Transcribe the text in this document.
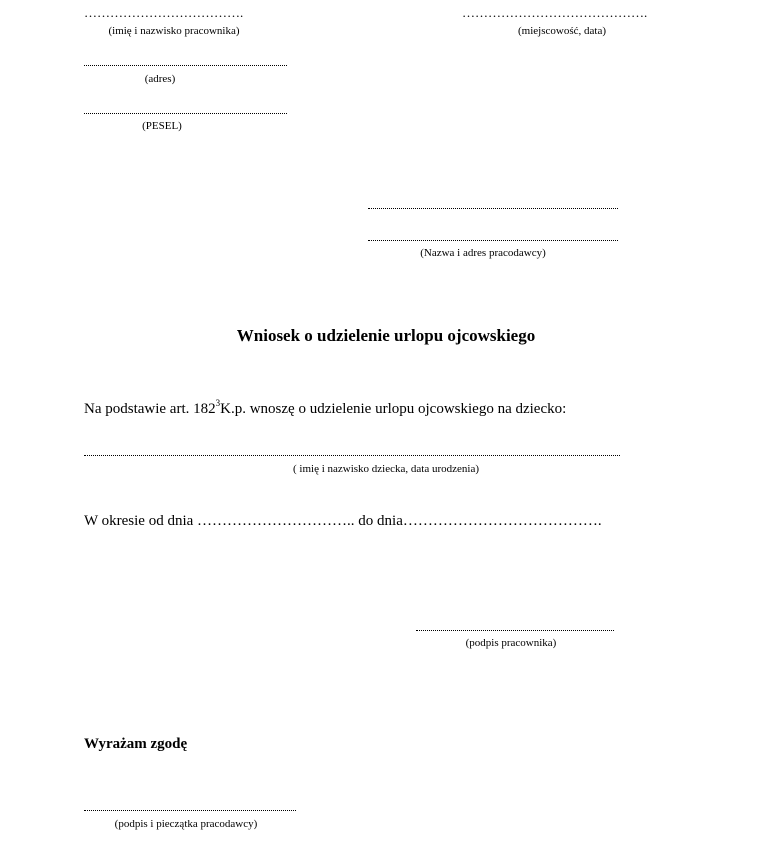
……………………………….
(imię i nazwisko pracownika)
…………………………………….
(miejscowość, data)
(adres)
(PESEL)
(Nazwa i adres pracodawcy)
Wniosek o udzielenie urlopu ojcowskiego
Na podstawie art. $182^3K.p$. wnoszę o udzielenie urlopu ojcowskiego na dziecko:
( imię i nazwisko dziecka, data urodzenia)
W okresie od dnia ………………………….. do dnia………………………………….
(podpis pracownika)
Wyrażam zgodę
(podpis i pieczątka pracodawcy)
